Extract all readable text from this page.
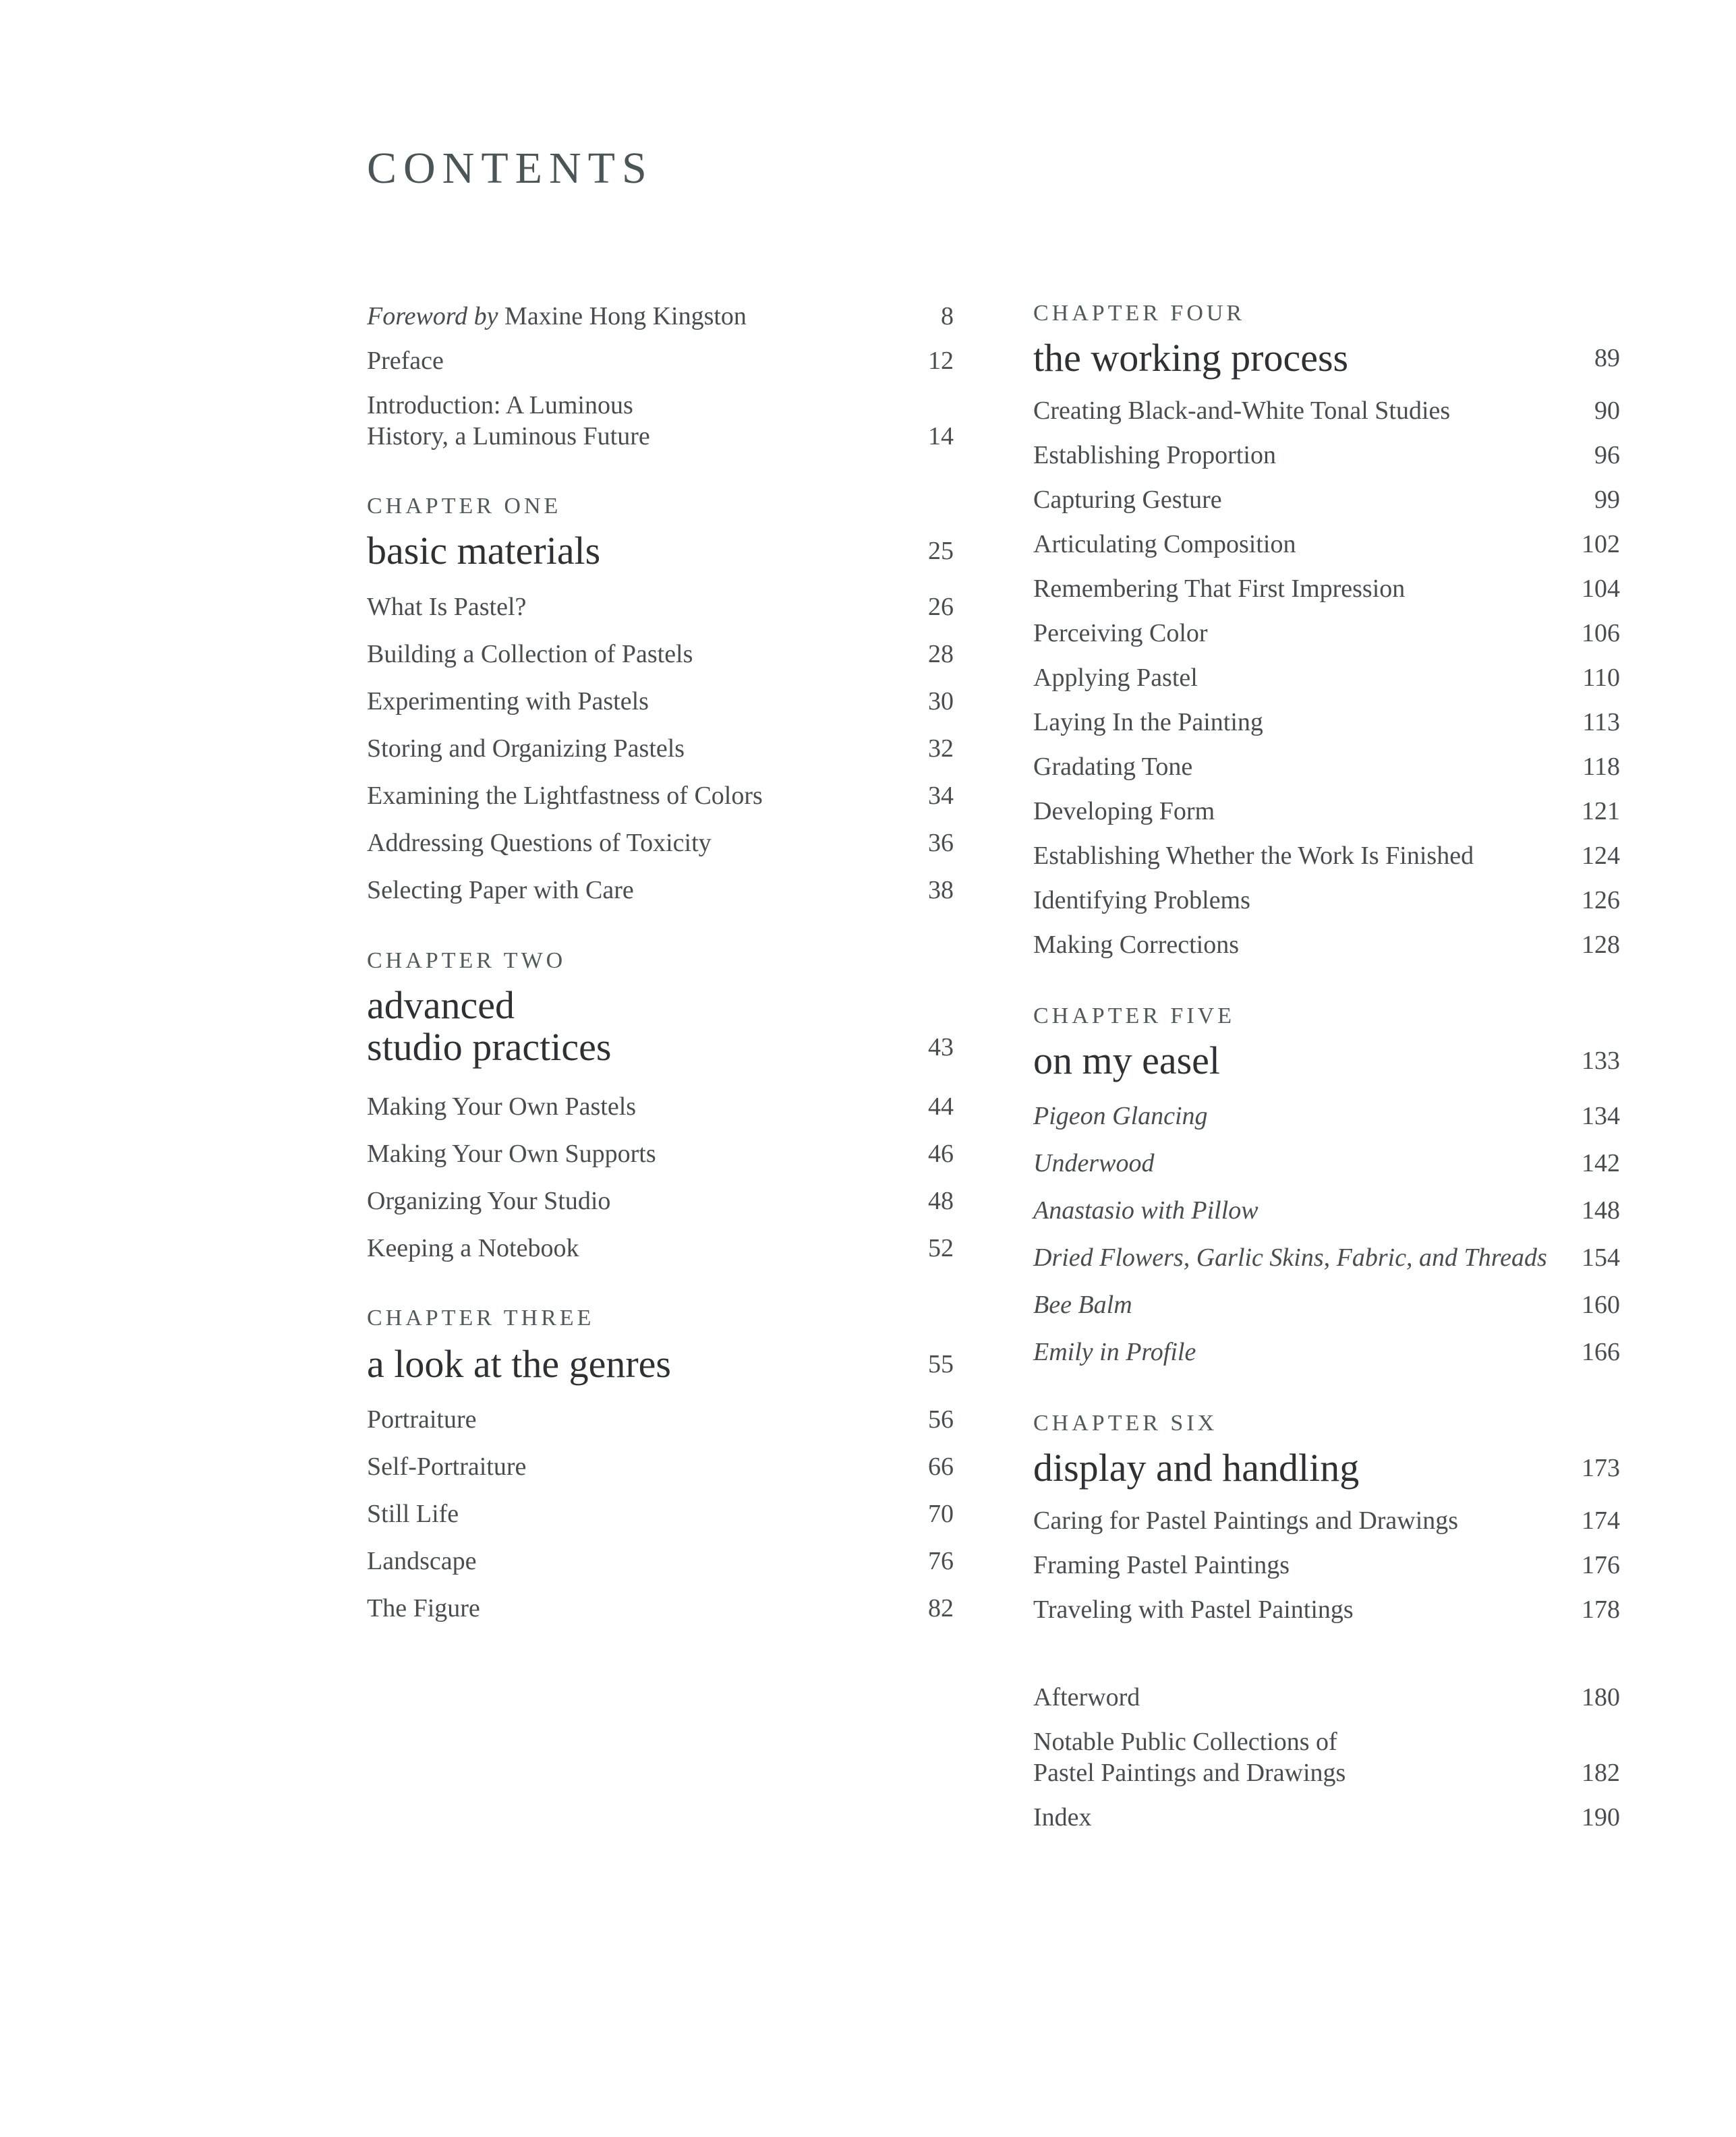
CONTENTS
Foreword by Maxine Hong Kingston	8
Preface	12
Introduction: A Luminous
History, a Luminous Future	14
CHAPTER ONE
basic materials	25
What Is Pastel?	26
Building a Collection of Pastels	28
Experimenting with Pastels	30
Storing and Organizing Pastels	32
Examining the Lightfastness of Colors	34
Addressing Questions of Toxicity	36
Selecting Paper with Care	38
CHAPTER TWO
advanced
studio practices	43
Making Your Own Pastels	44
Making Your Own Supports	46
Organizing Your Studio	48
Keeping a Notebook	52
CHAPTER THREE
a look at the genres	55
Portraiture	56
Self-Portraiture	66
Still Life	70
Landscape	76
The Figure	82
CHAPTER FOUR
the working process	89
Creating Black-and-White Tonal Studies	90
Establishing Proportion	96
Capturing Gesture	99
Articulating Composition	102
Remembering That First Impression	104
Perceiving Color	106
Applying Pastel	110
Laying In the Painting	113
Gradating Tone	118
Developing Form	121
Establishing Whether the Work Is Finished	124
Identifying Problems	126
Making Corrections	128
CHAPTER FIVE
on my easel	133
Pigeon Glancing	134
Underwood	142
Anastasio with Pillow	148
Dried Flowers, Garlic Skins, Fabric, and Threads 154
Bee Balm	160
Emily in Profile	166
CHAPTER SIX
display and handling	173
Caring for Pastel Paintings and Drawings	174
Framing Pastel Paintings	176
Traveling with Pastel Paintings	178
Afterword	180
Notable Public Collections of
Pastel Paintings and Drawings	182
Index	190
